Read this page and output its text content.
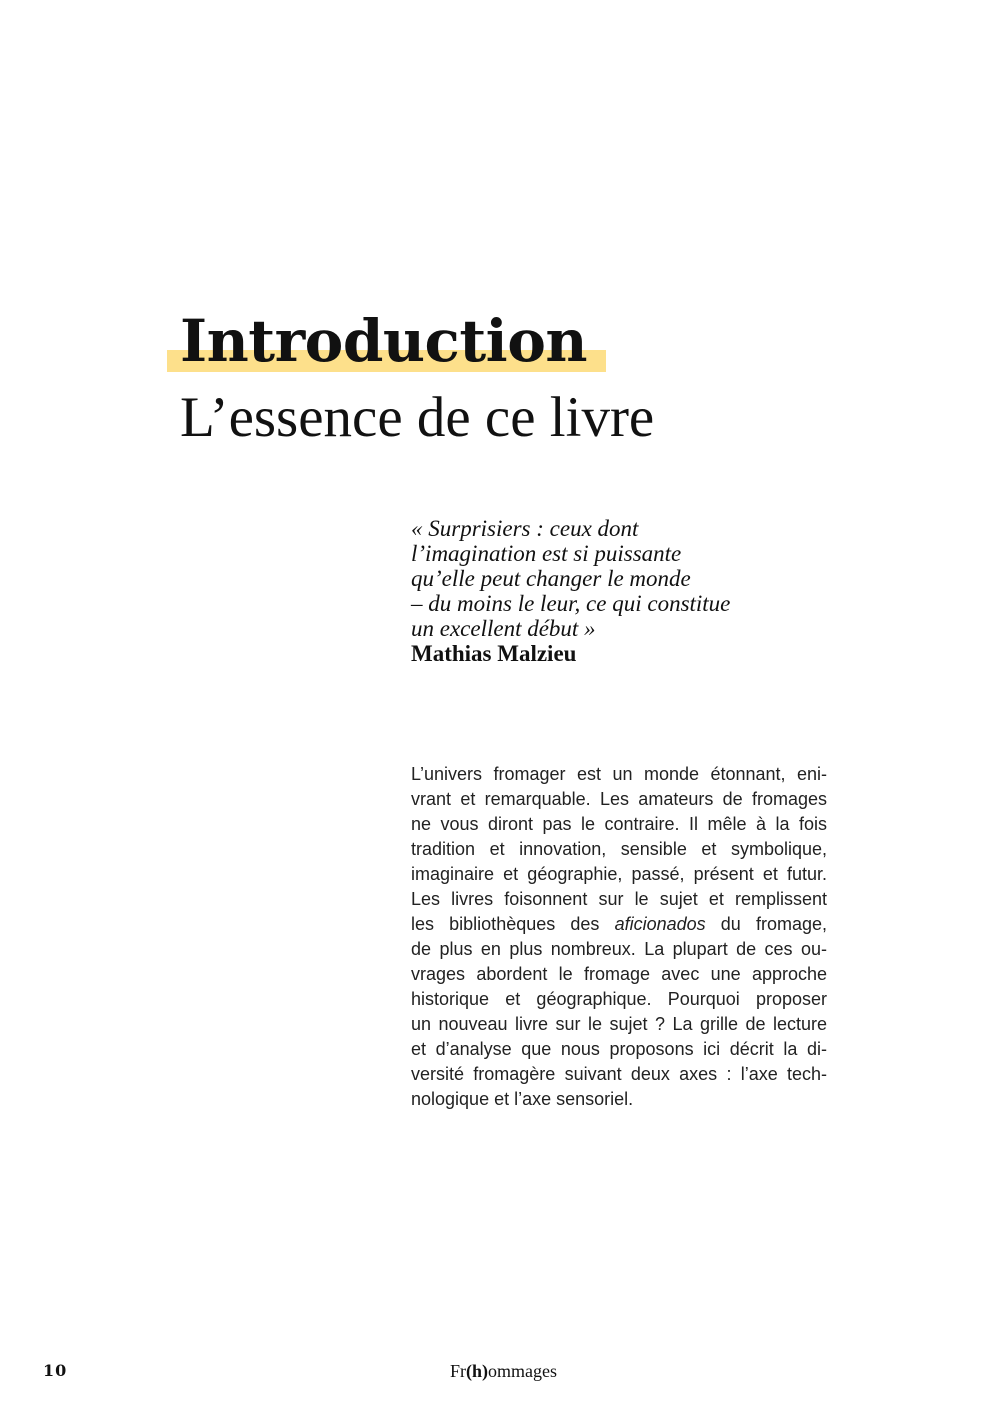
Introduction
L’essence de ce livre
« Surprisiers : ceux dont
l’imagination est si puissante
qu’elle peut changer le monde
– du moins le leur, ce qui constitue
un excellent début »
Mathias Malzieu
L’univers fromager est un monde étonnant, eni-
vrant et remarquable. Les amateurs de fromages
ne vous diront pas le contraire. Il mêle à la fois
tradition et innovation, sensible et symbolique,
imaginaire et géographie, passé, présent et futur.
Les livres foisonnent sur le sujet et remplissent
les bibliothèques des aficionados du fromage,
de plus en plus nombreux. La plupart de ces ou-
vrages abordent le fromage avec une approche
historique et géographique. Pourquoi proposer
un nouveau livre sur le sujet ? La grille de lecture
et d’analyse que nous proposons ici décrit la di-
versité fromagère suivant deux axes : l’axe tech-
nologique et l’axe sensoriel.
10	Fr(h)ommages
